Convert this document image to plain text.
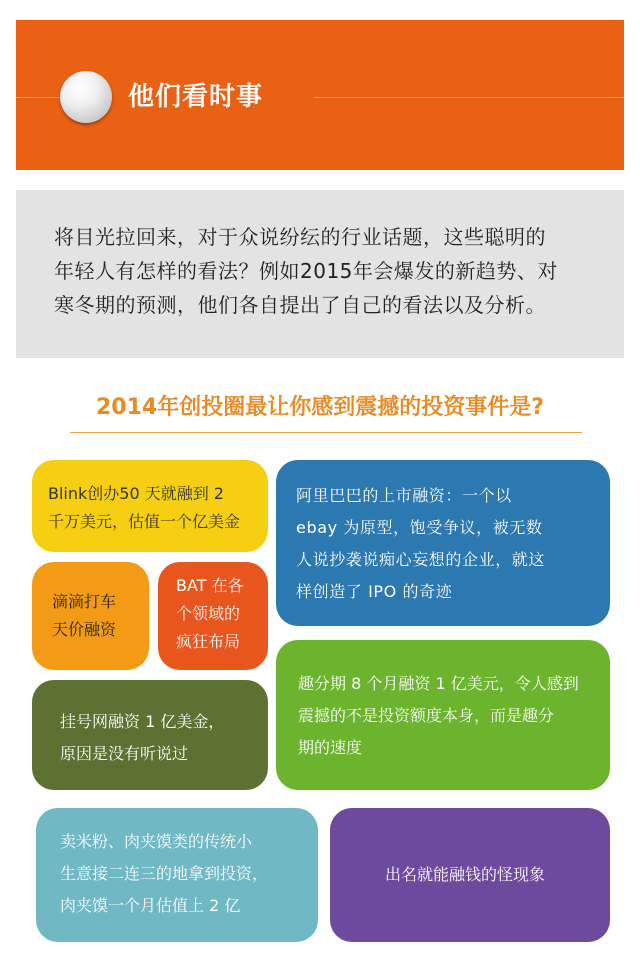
他们看时事
将目光拉回来，对于众说纷纭的行业话题，这些聪明的
年轻人有怎样的看法？例如2015年会爆发的新趋势、对
寒冬期的预测，他们各自提出了自己的看法以及分析。
2014年创投圈最让你感到震撼的投资事件是?
Blink创办50 天就融到 2
千万美元，估值一个亿美金
滴滴打车
天价融资
BAT 在各
个领域的
疯狂布局
挂号网融资 1 亿美金，
原因是没有听说过
阿里巴巴的上市融资：一个以
ebay 为原型，饱受争议，被无数
人说抄袭说痴心妄想的企业，就这
样创造了 IPO 的奇迹
趣分期 8 个月融资 1 亿美元，令人感到
震撼的不是投资额度本身，而是趣分
期的速度
卖米粉、肉夹馍类的传统小
生意接二连三的地拿到投资，
肉夹馍一个月估值上 2 亿
出名就能融钱的怪现象
